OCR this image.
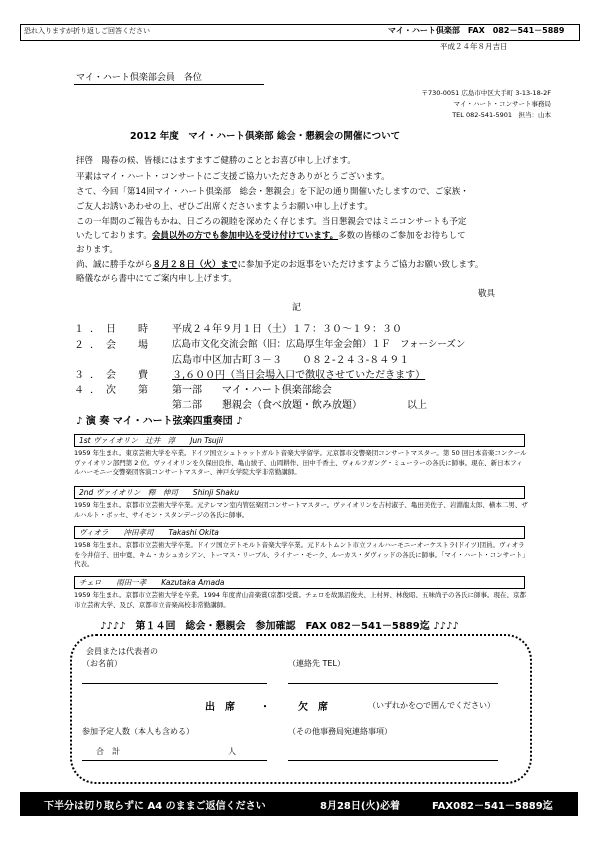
恐れ入りますが折り返しご回答ください	マイ・ハート倶楽部　FAX　082－541－5889
平成２４年８月吉日
マイ・ハート倶楽部会員　各位
〒730-0051 広島市中区大手町 3-13-18-2F
マイ・ハート・コンサート事務局
TEL 082-541-5901　担当：山本
2012 年度　マイ・ハート倶楽部 総会・懇親会の開催について
拝啓　陽春の候、皆様にはますますご健勝のこととお喜び申し上げます。
平素はマイ・ハート・コンサートにご支援ご協力いただきありがとうございます。
さて、今回「第14回マイ・ハート倶楽部　総会・懇親会」を下記の通り開催いたしますので、ご家族・
ご友人お誘いあわせの上、ぜひご出席くださいますようお願い申し上げます。
この一年間のご報告もかね、日ごろの親睦を深めたく存じます。当日懇親会ではミニコンサートも予定
いたしております。会員以外の方でも参加申込を受け付けています。多数の皆様のご参加をお待ちして
おります。
尚、誠に勝手ながら８月２８日（火）までに参加予定のお返事をいただけますようご協力お願い致します。
略儀ながら書中にてご案内申し上げます。
敬具
記
１．日　時 平成２４年９月１日（土）１７：３０～１９：３０
２．会　場 広島市文化交流会館（旧：広島厚生年金会館）１Ｆ　フォーシーズン
広島市中区加古町３－３　　０８２-２４３-８４９１
３．会　費 ３,６００円（当日会場入口で徴収させていただきます）
４．次　第 第一部　　マイ・ハート倶楽部総会
第二部　　懇親会（食べ放題・飲み放題）　　　　　以上
♪ 演 奏 マイ・ハート弦楽四重奏団 ♪
1st ヴァイオリン　辻井　淳　　Jun Tsujii
1959 年生まれ。東京芸術大学を卒業。ドイツ国立シュトゥットガルト音楽大学留学。元京都市交響楽団コンサートマスター。第 50 回日本音楽コンクールヴァイオリン部門第 2 位。ヴァイオリンを久保田良作、亀山綾子、山岡耕作、田中千香土、ヴォルフガング・ミューラーの各氏に師事。現在、新日本フィルハーモニー交響楽団客演コンサートマスター、神戸女学院大学非常勤講師。
2nd ヴァイオリン　釋　伸司　　Shinji Shaku
1959 年生まれ。京都市立芸術大学卒業。元テレマン室内管弦楽団コンサートマスター。ヴァイオリンを吉村淑子、亀田美佐子、岩淵龍太郎、横本二男、ザルハルト・ボッセ、サイモン・スタンデージの各氏に師事。
ヴィオラ　　沖田孝司　　Takashi Okita
1958 年生まれ。京都市立芸術大学卒業。ドイツ国立デトモルト音楽大学卒業。元ドルトムント市立フィルハーモニーオーケストラ(ドイツ)団員。ヴィオラを今井信子、田中寛、キム・カシュカシアン、トーマス・リーブル、ライナー・モーク、ルーカス・ダヴィッドの各氏に師事。「マイ・ハート・コンサート」代表。
チェロ　　雨田一孝　　Kazutaka Amada
1959 年生まれ。京都市立芸術大学を卒業。1994 年度青山音楽賞(京都)受賞。チェロを故黒沼俊夫、上村昇、林俊昭、五味尚子の各氏に師事。現在、京都市立芸術大学、及び、京都市立音楽高校非常勤講師。
♪♪♪♪　第１４回　総会・懇親会　参加確認　FAX 082－541－5889迄 ♪♪♪♪
会員または代表者の
（お名前）	（連絡先 TEL）
出　席	・	欠　席	（いずれかを○で囲んでください）
参加予定人数（本人も含める）	（その他事務局宛連絡事項）
合　計	人
下半分は切り取らずに A4 のままご返信ください	8月28日(火)必着	FAX082－541－5889迄
